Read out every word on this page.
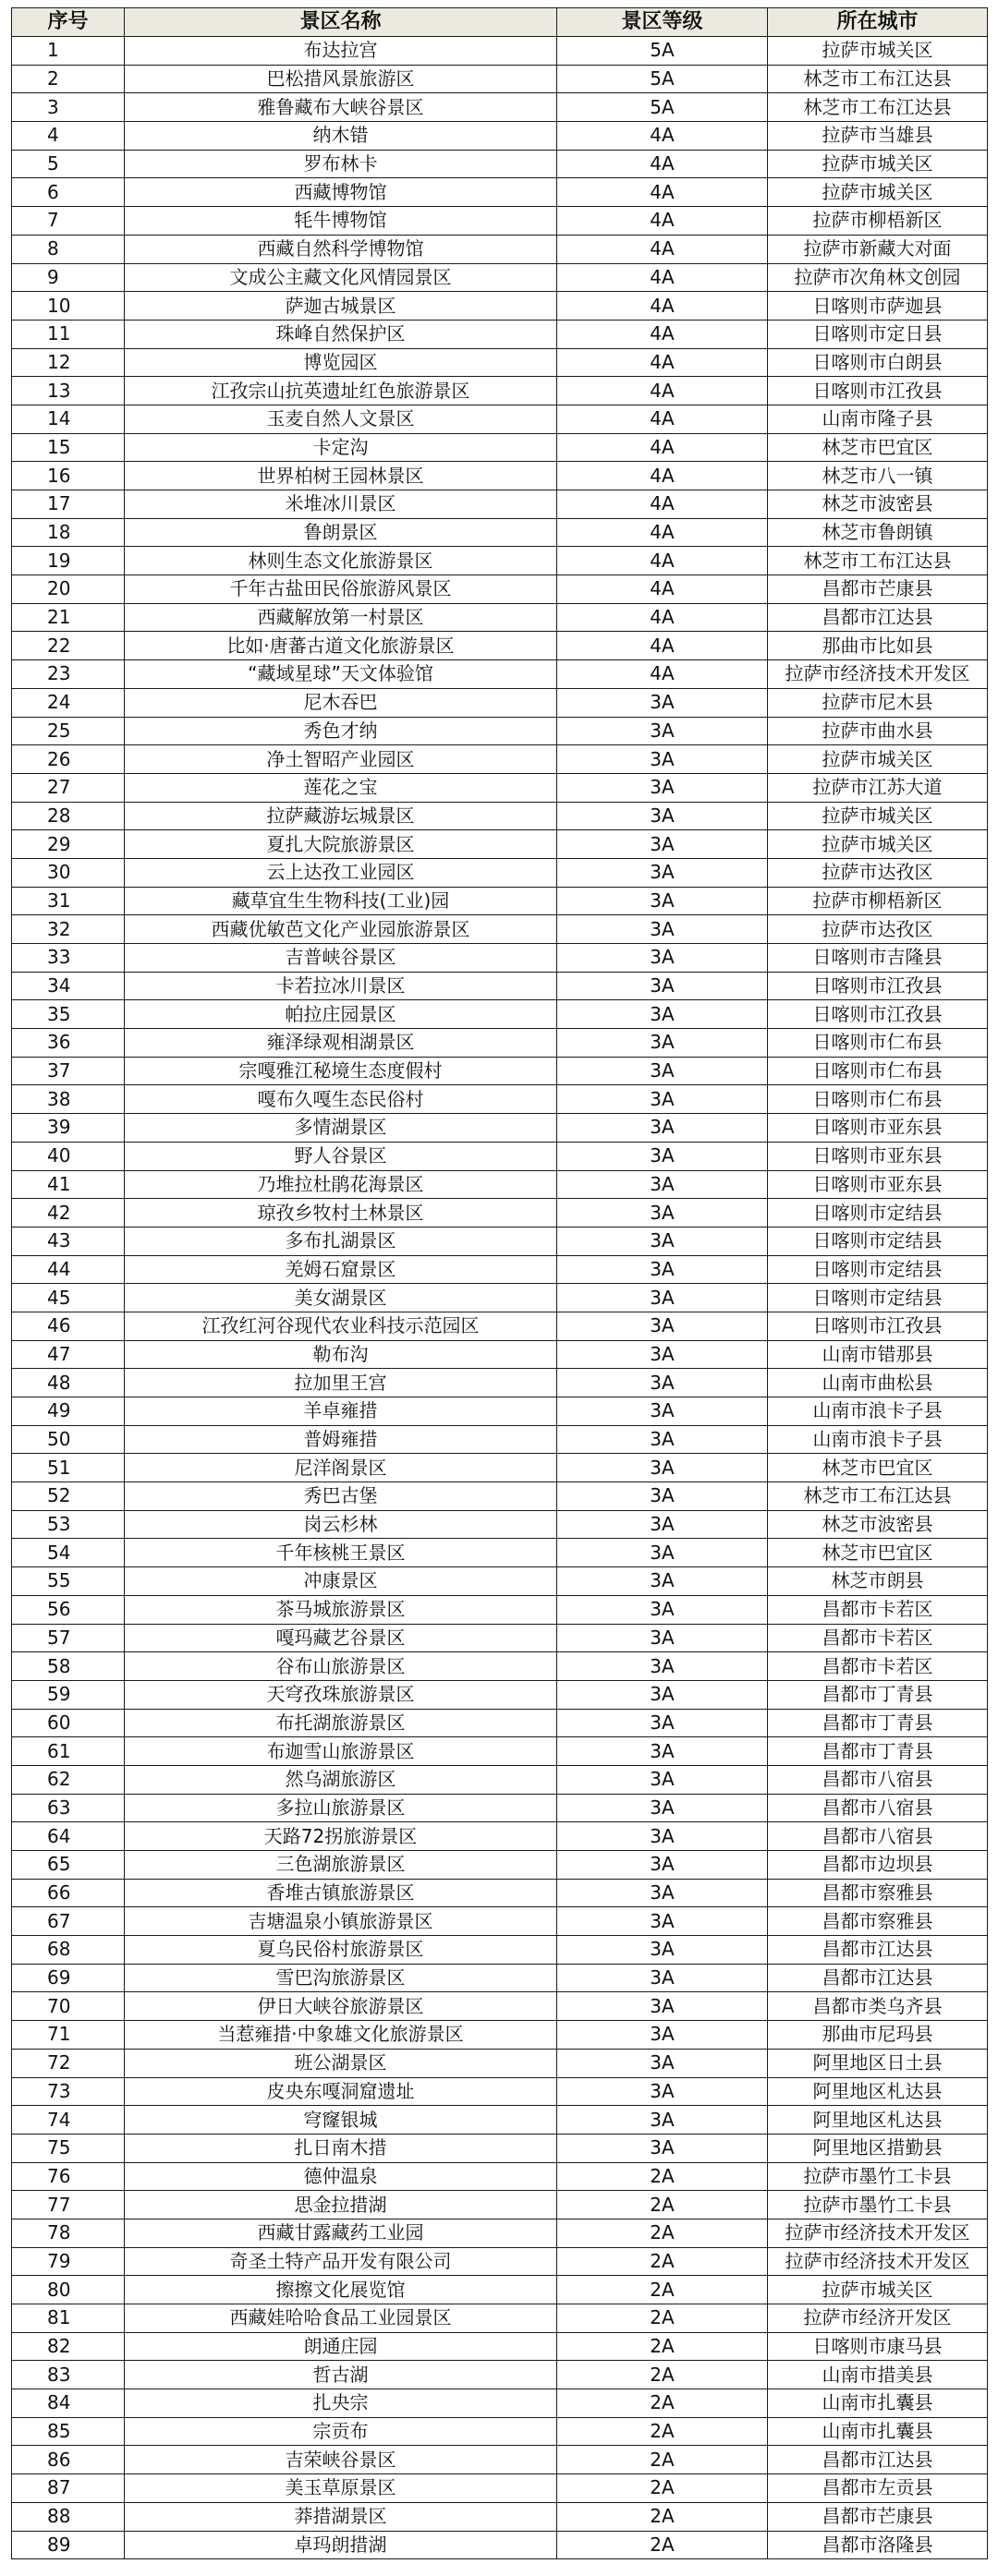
序号	景区名称	景区等级	所在城市
1	布达拉宫	5A	拉萨市城关区
2	巴松措风景旅游区	5A	林芝市工布江达县
3	雅鲁藏布大峡谷景区	5A	林芝市工布江达县
4	纳木错	4A	拉萨市当雄县
5	罗布林卡	4A	拉萨市城关区
6	西藏博物馆	4A	拉萨市城关区
7	牦牛博物馆	4A	拉萨市柳梧新区
8	西藏自然科学博物馆	4A	拉萨市新藏大对面
9	文成公主藏文化风情园景区	4A	拉萨市次角林文创园
10	萨迦古城景区	4A	日喀则市萨迦县
11	珠峰自然保护区	4A	日喀则市定日县
12	博览园区	4A	日喀则市白朗县
13	江孜宗山抗英遗址红色旅游景区	4A	日喀则市江孜县
14	玉麦自然人文景区	4A	山南市隆子县
15	卡定沟	4A	林芝市巴宜区
16	世界柏树王园林景区	4A	林芝市八一镇
17	米堆冰川景区	4A	林芝市波密县
18	鲁朗景区	4A	林芝市鲁朗镇
19	林则生态文化旅游景区	4A	林芝市工布江达县
20	千年古盐田民俗旅游风景区	4A	昌都市芒康县
21	西藏解放第一村景区	4A	昌都市江达县
22	比如·唐蕃古道文化旅游景区	4A	那曲市比如县
23	“藏域星球”天文体验馆	4A	拉萨市经济技术开发区
24	尼木吞巴	3A	拉萨市尼木县
25	秀色才纳	3A	拉萨市曲水县
26	净土智昭产业园区	3A	拉萨市城关区
27	莲花之宝	3A	拉萨市江苏大道
28	拉萨藏游坛城景区	3A	拉萨市城关区
29	夏扎大院旅游景区	3A	拉萨市城关区
30	云上达孜工业园区	3A	拉萨市达孜区
31	藏草宜生生物科技(工业)园	3A	拉萨市柳梧新区
32	西藏优敏芭文化产业园旅游景区	3A	拉萨市达孜区
33	吉普峡谷景区	3A	日喀则市吉隆县
34	卡若拉冰川景区	3A	日喀则市江孜县
35	帕拉庄园景区	3A	日喀则市江孜县
36	雍泽绿观相湖景区	3A	日喀则市仁布县
37	宗嘎雅江秘境生态度假村	3A	日喀则市仁布县
38	嘎布久嘎生态民俗村	3A	日喀则市仁布县
39	多情湖景区	3A	日喀则市亚东县
40	野人谷景区	3A	日喀则市亚东县
41	乃堆拉杜鹃花海景区	3A	日喀则市亚东县
42	琼孜乡牧村土林景区	3A	日喀则市定结县
43	多布扎湖景区	3A	日喀则市定结县
44	羌姆石窟景区	3A	日喀则市定结县
45	美女湖景区	3A	日喀则市定结县
46	江孜红河谷现代农业科技示范园区	3A	日喀则市江孜县
47	勒布沟	3A	山南市错那县
48	拉加里王宫	3A	山南市曲松县
49	羊卓雍措	3A	山南市浪卡子县
50	普姆雍措	3A	山南市浪卡子县
51	尼洋阁景区	3A	林芝市巴宜区
52	秀巴古堡	3A	林芝市工布江达县
53	岗云杉林	3A	林芝市波密县
54	千年核桃王景区	3A	林芝市巴宜区
55	冲康景区	3A	林芝市朗县
56	茶马城旅游景区	3A	昌都市卡若区
57	嘎玛藏艺谷景区	3A	昌都市卡若区
58	谷布山旅游景区	3A	昌都市卡若区
59	天穹孜珠旅游景区	3A	昌都市丁青县
60	布托湖旅游景区	3A	昌都市丁青县
61	布迦雪山旅游景区	3A	昌都市丁青县
62	然乌湖旅游区	3A	昌都市八宿县
63	多拉山旅游景区	3A	昌都市八宿县
64	天路72拐旅游景区	3A	昌都市八宿县
65	三色湖旅游景区	3A	昌都市边坝县
66	香堆古镇旅游景区	3A	昌都市察雅县
67	吉塘温泉小镇旅游景区	3A	昌都市察雅县
68	夏乌民俗村旅游景区	3A	昌都市江达县
69	雪巴沟旅游景区	3A	昌都市江达县
70	伊日大峡谷旅游景区	3A	昌都市类乌齐县
71	当惹雍措·中象雄文化旅游景区	3A	那曲市尼玛县
72	班公湖景区	3A	阿里地区日土县
73	皮央东嘎洞窟遗址	3A	阿里地区札达县
74	穹窿银城	3A	阿里地区札达县
75	扎日南木措	3A	阿里地区措勤县
76	德仲温泉	2A	拉萨市墨竹工卡县
77	思金拉措湖	2A	拉萨市墨竹工卡县
78	西藏甘露藏药工业园	2A	拉萨市经济技术开发区
79	奇圣土特产品开发有限公司	2A	拉萨市经济技术开发区
80	擦擦文化展览馆	2A	拉萨市城关区
81	西藏娃哈哈食品工业园景区	2A	拉萨市经济开发区
82	朗通庄园	2A	日喀则市康马县
83	哲古湖	2A	山南市措美县
84	扎央宗	2A	山南市扎囊县
85	宗贡布	2A	山南市扎囊县
86	吉荣峡谷景区	2A	昌都市江达县
87	美玉草原景区	2A	昌都市左贡县
88	莽措湖景区	2A	昌都市芒康县
89	卓玛朗措湖	2A	昌都市洛隆县
